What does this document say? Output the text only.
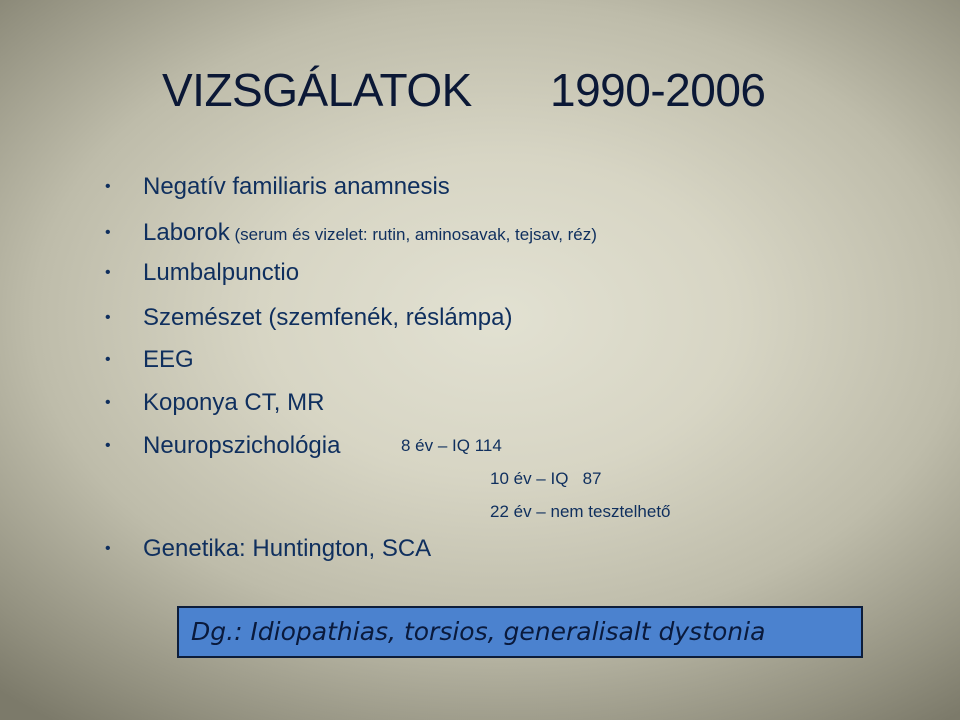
VIZSGÁLATOK 1990-2006
• Negatív familiaris anamnesis
• Laborok (serum és vizelet: rutin, aminosavak, tejsav, réz)
• Lumbalpunctio
• Szemészet (szemfenék, réslámpa)
• EEG
• Koponya CT, MR
• Neuropszichológia	8 év – IQ 114
10 év – IQ   87
22 év – nem tesztelhető
• Genetika: Huntington, SCA
Dg.: Idiopathias, torsios, generalisalt dystonia
